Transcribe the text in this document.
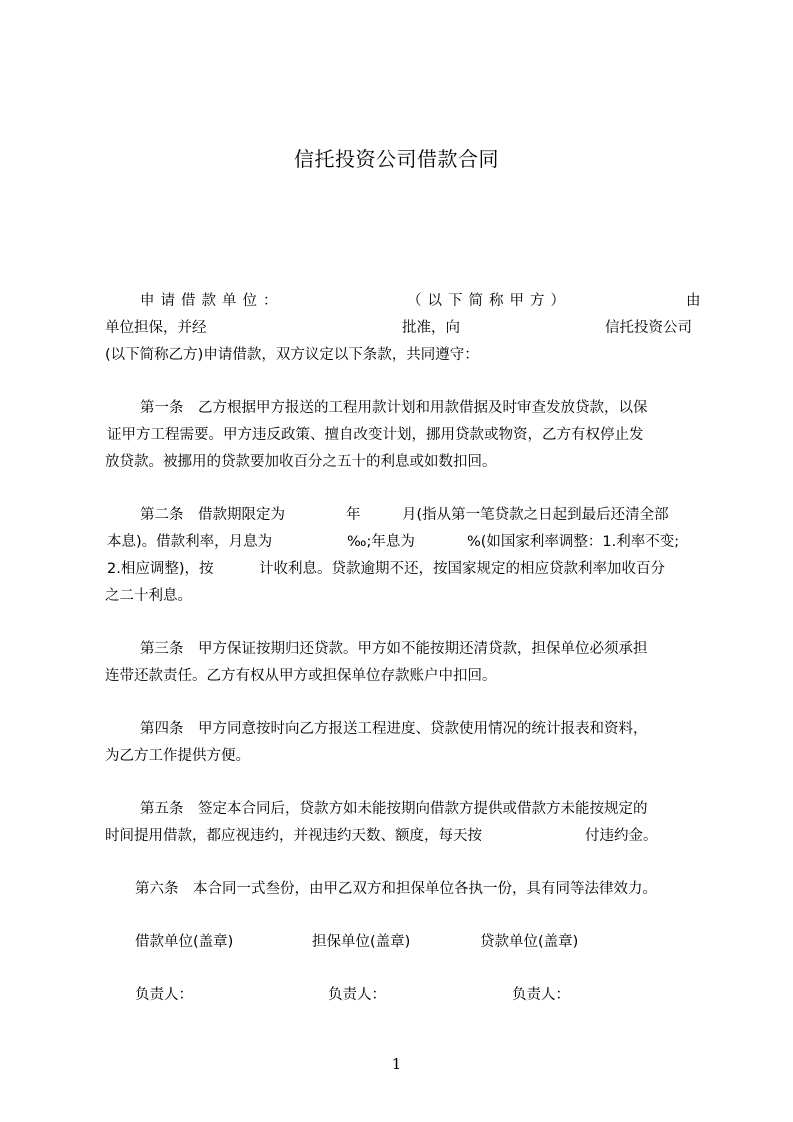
信托投资公司借款合同
申请借款单位：	（以下简称甲方）	由
单位担保，并经	批准，向	信托投资公司
(以下简称乙方)申请借款，双方议定以下条款，共同遵守：
第一条　乙方根据甲方报送的工程用款计划和用款借据及时审查发放贷款，以保
证甲方工程需要。甲方违反政策、擅自改变计划，挪用贷款或物资，乙方有权停止发
放贷款。被挪用的贷款要加收百分之五十的利息或如数扣回。
第二条　借款期限定为	年	月(指从第一笔贷款之日起到最后还清全部
本息)。借款利率，月息为	‰;年息为	%(如国家利率调整：1.利率不变;
2.相应调整)，按	计收利息。贷款逾期不还，按国家规定的相应贷款利率加收百分
之二十利息。
第三条　甲方保证按期归还贷款。甲方如不能按期还清贷款，担保单位必须承担
连带还款责任。乙方有权从甲方或担保单位存款账户中扣回。
第四条　甲方同意按时向乙方报送工程进度、贷款使用情况的统计报表和资料，
为乙方工作提供方便。
第五条　签定本合同后，贷款方如未能按期向借款方提供或借款方未能按规定的
时间提用借款，都应视违约，并视违约天数、额度，每天按	付违约金。
第六条　本合同一式叁份，由甲乙双方和担保单位各执一份，具有同等法律效力。
借款单位(盖章)	担保单位(盖章)	贷款单位(盖章)
负责人：	负责人：	负责人：
1
